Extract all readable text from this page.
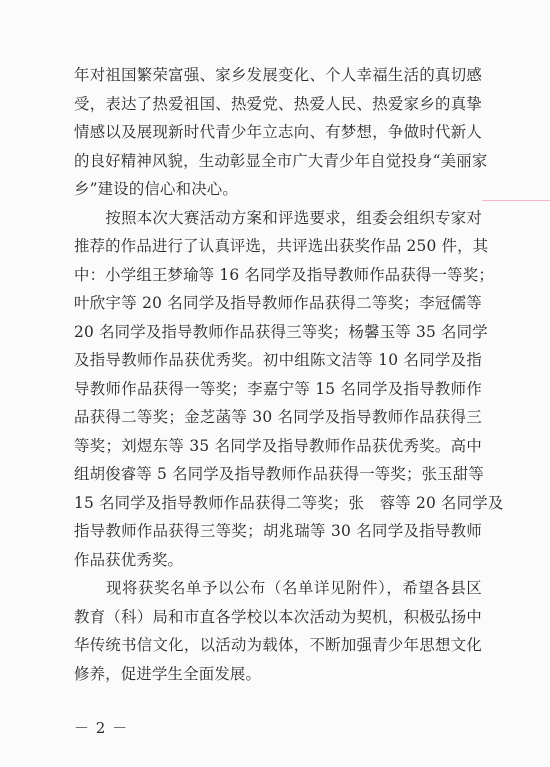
年对祖国繁荣富强、家乡发展变化、个人幸福生活的真切感
受，表达了热爱祖国、热爱党、热爱人民、热爱家乡的真挚
情感以及展现新时代青少年立志向、有梦想，争做时代新人
的良好精神风貌，生动彰显全市广大青少年自觉投身“美丽家
乡”建设的信心和决心。
　　按照本次大赛活动方案和评选要求，组委会组织专家对
推荐的作品进行了认真评选，共评选出获奖作品 250 件，其
中：小学组王梦瑜等 16 名同学及指导教师作品获得一等奖；
叶欣宇等 20 名同学及指导教师作品获得二等奖；李冠儒等
20 名同学及指导教师作品获得三等奖；杨馨玉等 35 名同学
及指导教师作品获优秀奖。初中组陈文洁等 10 名同学及指
导教师作品获得一等奖；李嘉宁等 15 名同学及指导教师作
品获得二等奖；金芝菡等 30 名同学及指导教师作品获得三
等奖；刘煜东等 35 名同学及指导教师作品获优秀奖。高中
组胡俊睿等 5 名同学及指导教师作品获得一等奖；张玉甜等
15 名同学及指导教师作品获得二等奖；张　蓉等 20 名同学及
指导教师作品获得三等奖；胡兆瑞等 30 名同学及指导教师
作品获优秀奖。
　　现将获奖名单予以公布（名单详见附件），希望各县区
教育（科）局和市直各学校以本次活动为契机，积极弘扬中
华传统书信文化，以活动为载体，不断加强青少年思想文化
修养，促进学生全面发展。
－ 2 －
